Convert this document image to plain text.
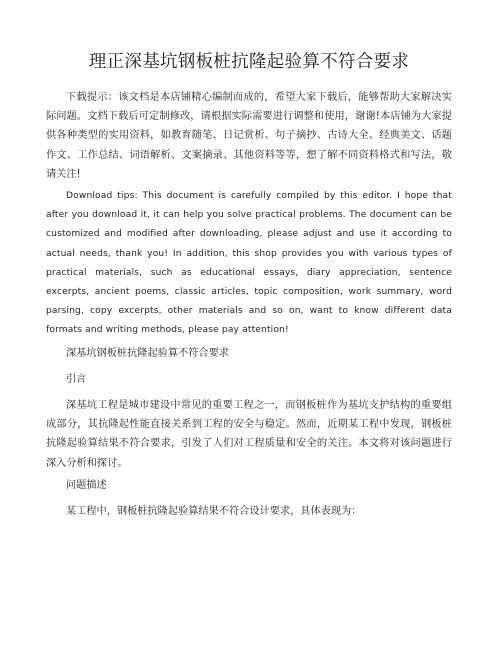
理正深基坑钢板桩抗隆起验算不符合要求

下载提示：该文档是本店铺精心编制而成的，希望大家下载后，能够帮助大家解决实际问题。文档下载后可定制修改，请根据实际需要进行调整和使用，谢谢!本店铺为大家提供各种类型的实用资料，如教育随笔、日记赏析、句子摘抄、古诗大全、经典美文、话题作文、工作总结、词语解析、文案摘录、其他资料等等，想了解不同资料格式和写法，敬请关注!

Download tips: This document is carefully compiled by this editor. I hope that after you download it, it can help you solve practical problems. The document can be customized and modified after downloading, please adjust and use it according to actual needs, thank you! In addition, this shop provides you with various types of practical materials, such as educational essays, diary appreciation, sentence excerpts, ancient poems, classic articles, topic composition, work summary, word parsing, copy excerpts, other materials and so on, want to know different data formats and writing methods, please pay attention!

深基坑钢板桩抗隆起验算不符合要求

引言

深基坑工程是城市建设中常见的重要工程之一，而钢板桩作为基坑支护结构的重要组成部分，其抗隆起性能直接关系到工程的安全与稳定。然而，近期某工程中发现，钢板桩抗隆起验算结果不符合要求，引发了人们对工程质量和安全的关注。本文将对该问题进行深入分析和探讨。

问题描述

某工程中，钢板桩抗隆起验算结果不符合设计要求，具体表现为：
